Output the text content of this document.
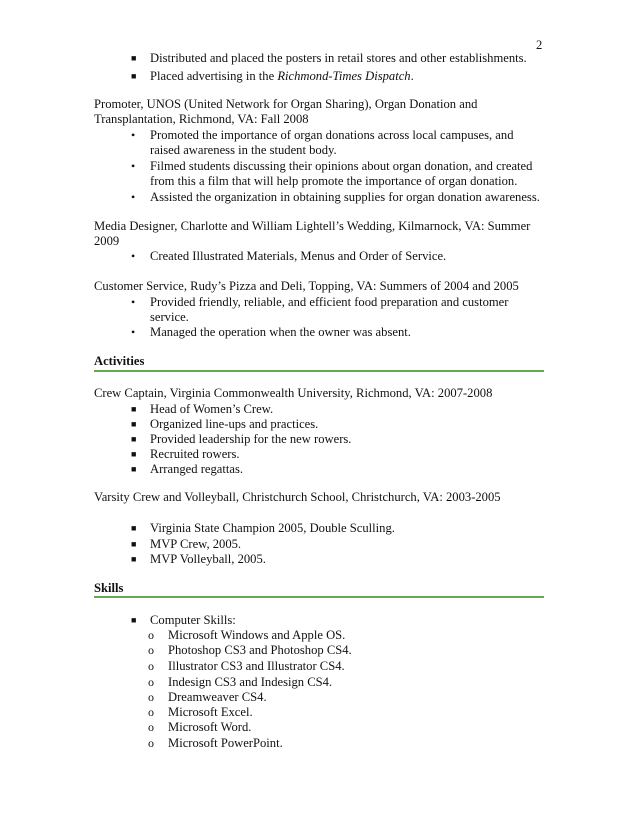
2
■ Distributed and placed the posters in retail stores and other establishments.
■ Placed advertising in the Richmond-Times Dispatch.
Promoter, UNOS (United Network for Organ Sharing), Organ Donation and
Transplantation, Richmond, VA: Fall 2008
• Promoted the importance of organ donations across local campuses, and
raised awareness in the student body.
• Filmed students discussing their opinions about organ donation, and created
from this a film that will help promote the importance of organ donation.
• Assisted the organization in obtaining supplies for organ donation awareness.
Media Designer, Charlotte and William Lightell’s Wedding, Kilmarnock, VA: Summer
2009
• Created Illustrated Materials, Menus and Order of Service.
Customer Service, Rudy’s Pizza and Deli, Topping, VA: Summers of 2004 and 2005
• Provided friendly, reliable, and efficient food preparation and customer
service.
• Managed the operation when the owner was absent.
Activities
Crew Captain, Virginia Commonwealth University, Richmond, VA: 2007-2008
■ Head of Women’s Crew.
■ Organized line-ups and practices.
■ Provided leadership for the new rowers.
■ Recruited rowers.
■ Arranged regattas.
Varsity Crew and Volleyball, Christchurch School, Christchurch, VA: 2003-2005
■ Virginia State Champion 2005, Double Sculling.
■ MVP Crew, 2005.
■ MVP Volleyball, 2005.
Skills
■ Computer Skills:
o Microsoft Windows and Apple OS.
o Photoshop CS3 and Photoshop CS4.
o Illustrator CS3 and Illustrator CS4.
o Indesign CS3 and Indesign CS4.
o Dreamweaver CS4.
o Microsoft Excel.
o Microsoft Word.
o Microsoft PowerPoint.
